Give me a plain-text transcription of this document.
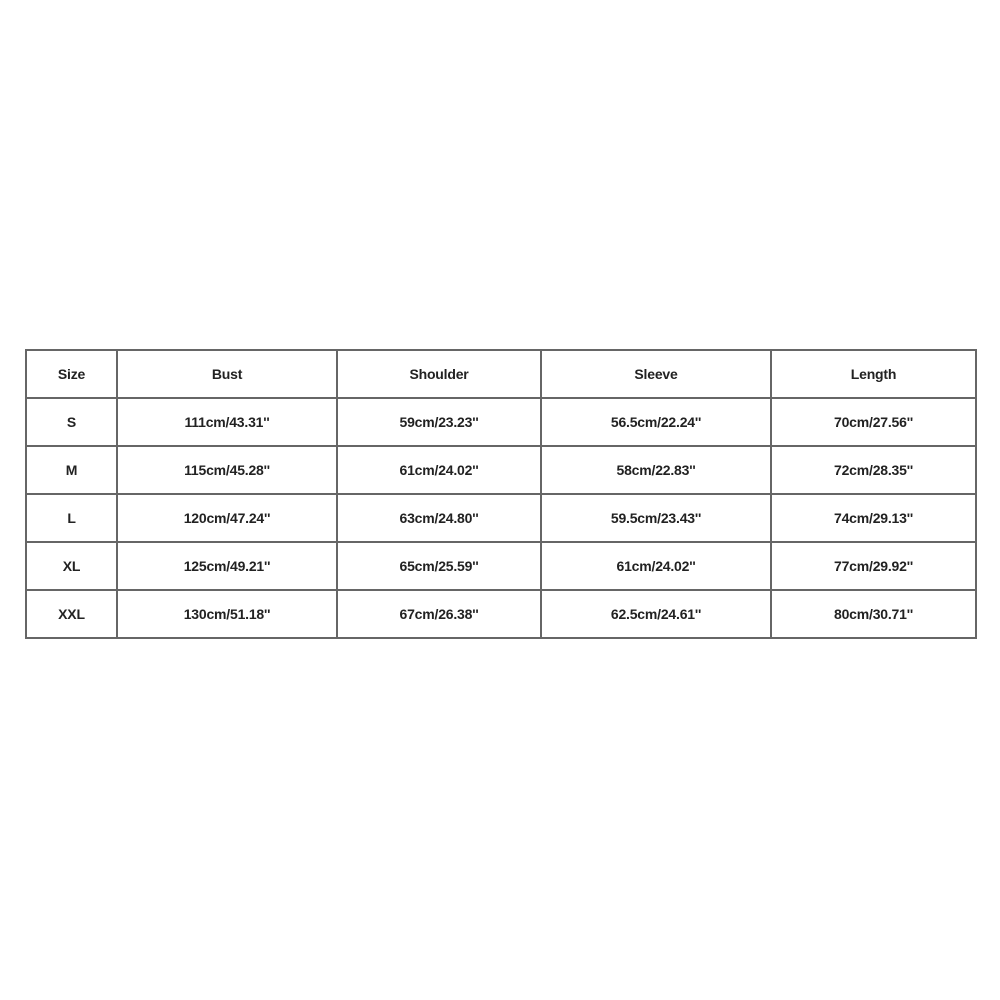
Size	Bust	Shoulder	Sleeve	Length
S	111cm/43.31''	59cm/23.23''	56.5cm/22.24''	70cm/27.56''
M	115cm/45.28''	61cm/24.02''	58cm/22.83''	72cm/28.35''
L	120cm/47.24''	63cm/24.80''	59.5cm/23.43''	74cm/29.13''
XL	125cm/49.21''	65cm/25.59''	61cm/24.02''	77cm/29.92''
XXL	130cm/51.18''	67cm/26.38''	62.5cm/24.61''	80cm/30.71''
